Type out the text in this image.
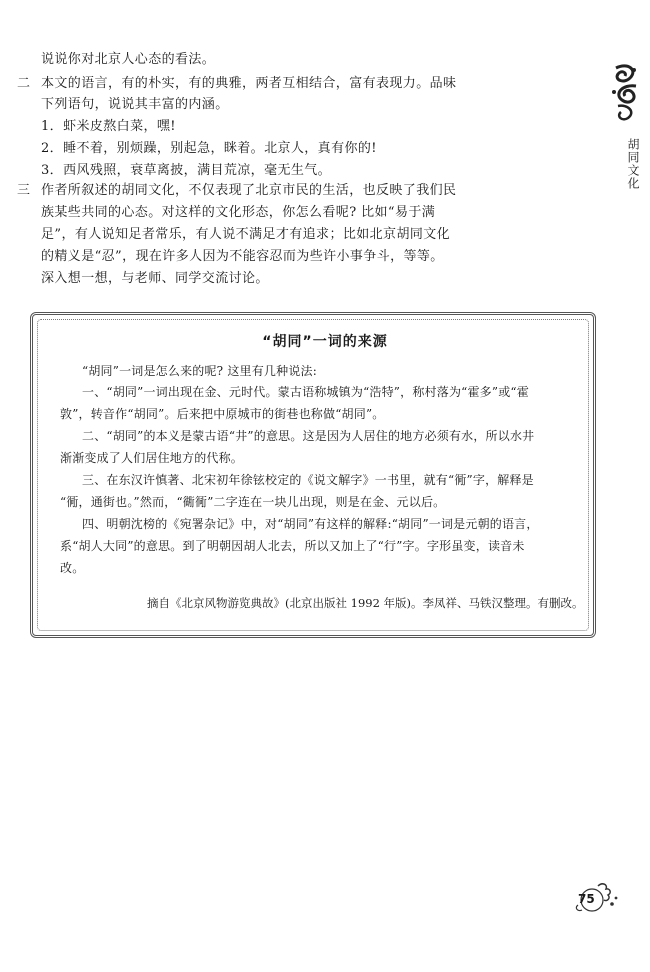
胡同文化
说说你对北京人心态的看法。
二 本文的语言，有的朴实，有的典雅，两者互相结合，富有表现力。品味
下列语句，说说其丰富的内涵。
1．虾米皮熬白菜，嘿!
2．睡不着，别烦躁，别起急，眯着。北京人，真有你的!
3．西风残照，衰草离披，满目荒凉，毫无生气。
三 作者所叙述的胡同文化，不仅表现了北京市民的生活，也反映了我们民
族某些共同的心态。对这样的文化形态，你怎么看呢? 比如“易于满
足”，有人说知足者常乐，有人说不满足才有追求；比如北京胡同文化
的精义是“忍”，现在许多人因为不能容忍而为些许小事争斗，等等。
深入想一想，与老师、同学交流讨论。
“胡同”一词的来源
“胡同”一词是怎么来的呢? 这里有几种说法:
一、“胡同”一词出现在金、元时代。蒙古语称城镇为“浩特”，称村落为“霍多”或“霍
敦”，转音作“胡同”。后来把中原城市的街巷也称做“胡同”。
二、“胡同”的本义是蒙古语“井”的意思。这是因为人居住的地方必须有水，所以水井
渐渐变成了人们居住地方的代称。
三、在东汉许慎著、北宋初年徐铉校定的《说文解字》一书里，就有“衕”字，解释是
“衕，通街也。”然而，“衚衕”二字连在一块儿出现，则是在金、元以后。
四、明朝沈榜的《宛署杂记》中，对“胡同”有这样的解释:“胡同”一词是元朝的语言，
系“胡人大同”的意思。到了明朝因胡人北去，所以又加上了“行”字。字形虽变，读音未
改。
摘自《北京风物游览典故》(北京出版社 1992 年版)。李凤祥、马铁汉整理。有删改。
75
